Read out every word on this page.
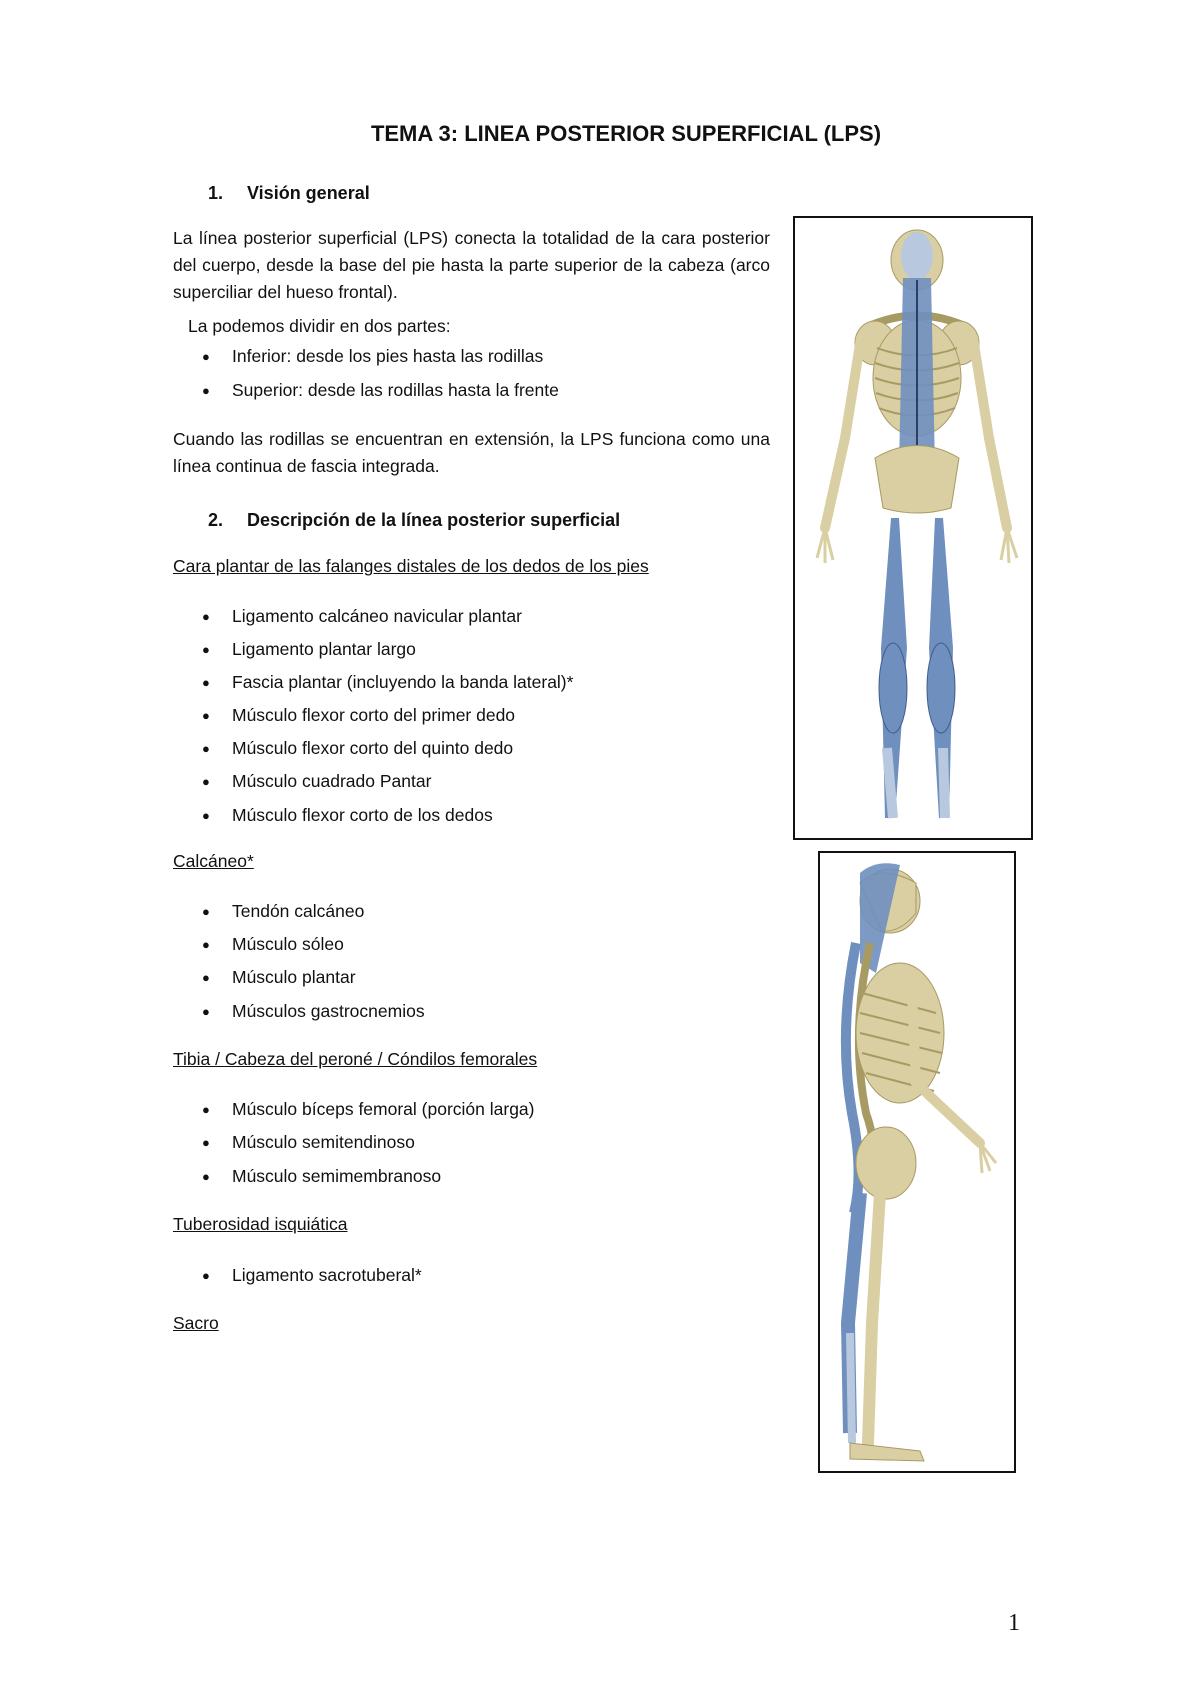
TEMA 3: LINEA POSTERIOR SUPERFICIAL (LPS)
1. Visión general
La línea posterior superficial (LPS) conecta la totalidad de la cara posterior del cuerpo, desde la base del pie hasta la parte superior de la cabeza (arco superciliar del hueso frontal).
La podemos dividir en dos partes:
● Inferior: desde los pies hasta las rodillas
● Superior: desde las rodillas hasta la frente
Cuando las rodillas se encuentran en extensión, la LPS funciona como una línea continua de fascia integrada.
2. Descripción de la línea posterior superficial
Cara plantar de las falanges distales de los dedos de los pies
● Ligamento calcáneo navicular plantar
● Ligamento plantar largo
● Fascia plantar (incluyendo la banda lateral)*
● Músculo flexor corto del primer dedo
● Músculo flexor corto del quinto dedo
● Músculo cuadrado Pantar
● Músculo flexor corto de los dedos
Calcáneo*
● Tendón calcáneo
● Músculo sóleo
● Músculo plantar
● Músculos gastrocnemios
Tibia / Cabeza del peroné / Cóndilos femorales
● Músculo bíceps femoral (porción larga)
● Músculo semitendinoso
● Músculo semimembranoso
Tuberosidad isquiática
● Ligamento sacrotuberal*
Sacro
1
